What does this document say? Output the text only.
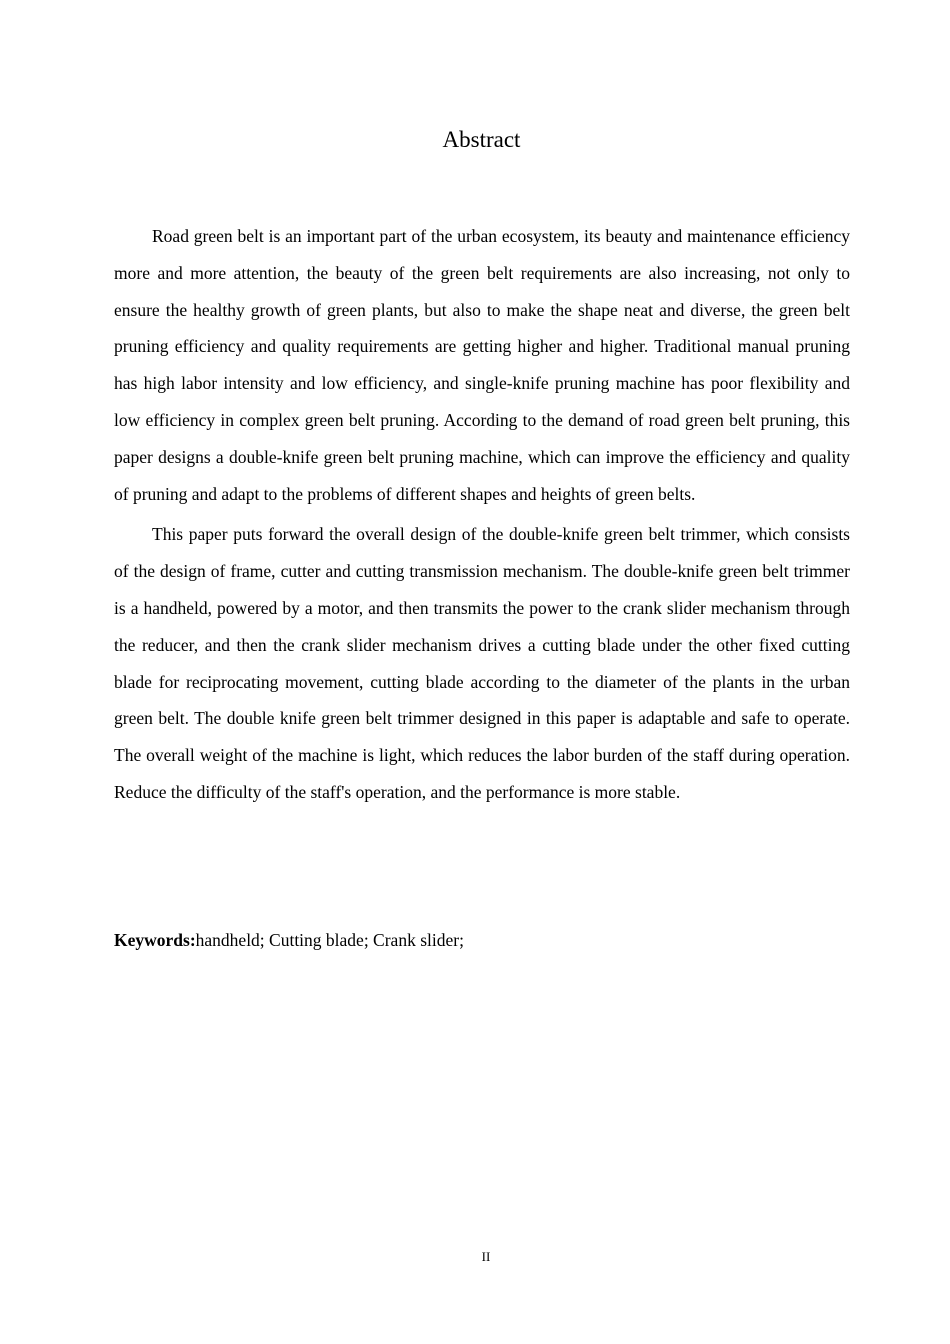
Abstract

Road green belt is an important part of the urban ecosystem, its beauty and maintenance efficiency more and more attention, the beauty of the green belt requirements are also increasing, not only to ensure the healthy growth of green plants, but also to make the shape neat and diverse, the green belt pruning efficiency and quality requirements are getting higher and higher. Traditional manual pruning has high labor intensity and low efficiency, and single-knife pruning machine has poor flexibility and low efficiency in complex green belt pruning. According to the demand of road green belt pruning, this paper designs a double-knife green belt pruning machine, which can improve the efficiency and quality of pruning and adapt to the problems of different shapes and heights of green belts.

This paper puts forward the overall design of the double-knife green belt trimmer, which consists of the design of frame, cutter and cutting transmission mechanism. The double-knife green belt trimmer is a handheld, powered by a motor, and then transmits the power to the crank slider mechanism through the reducer, and then the crank slider mechanism drives a cutting blade under the other fixed cutting blade for reciprocating movement, cutting blade according to the diameter of the plants in the urban green belt. The double knife green belt trimmer designed in this paper is adaptable and safe to operate. The overall weight of the machine is light, which reduces the labor burden of the staff during operation. Reduce the difficulty of the staff's operation, and the performance is more stable.

Keywords:handheld; Cutting blade; Crank slider;
II
